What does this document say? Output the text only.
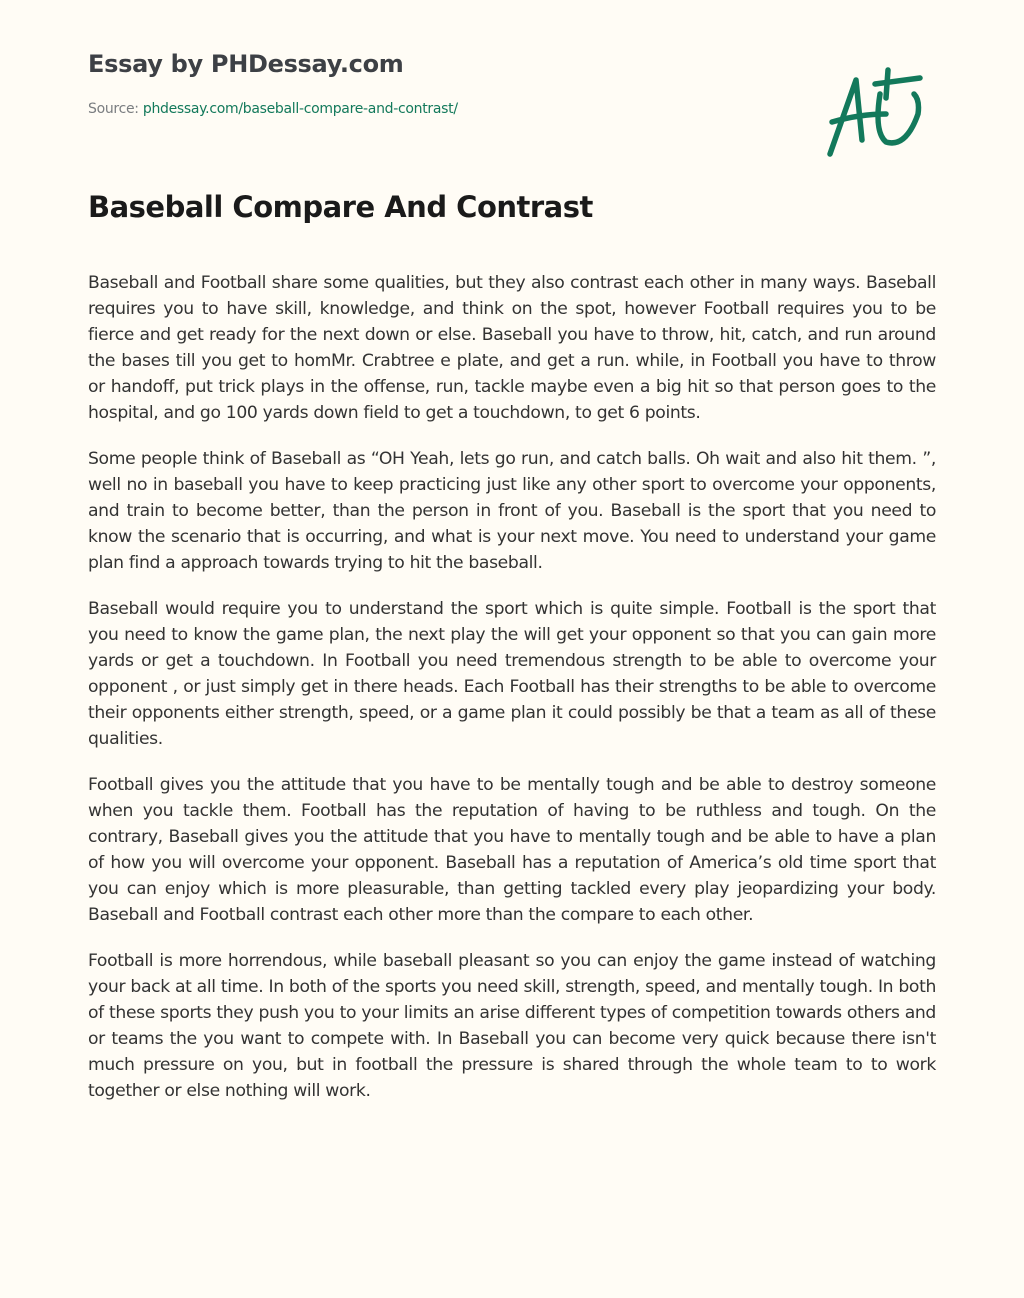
Essay by PHDessay.com
Source: phdessay.com/baseball-compare-and-contrast/
Baseball Compare And Contrast

Baseball and Football share some qualities, but they also contrast each other in many ways. Baseball requires you to have skill, knowledge, and think on the spot, however Football requires you to be fierce and get ready for the next down or else. Baseball you have to throw, hit, catch, and run around the bases till you get to homMr. Crabtree e plate, and get a run. while, in Football you have to throw or handoff, put trick plays in the offense, run, tackle maybe even a big hit so that person goes to the hospital, and go 100 yards down field to get a touchdown, to get 6 points.

Some people think of Baseball as “OH Yeah, lets go run, and catch balls. Oh wait and also hit them. ”, well no in baseball you have to keep practicing just like any other sport to overcome your opponents, and train to become better, than the person in front of you. Baseball is the sport that you need to know the scenario that is occurring, and what is your next move. You need to understand your game plan find a approach towards trying to hit the baseball.

Baseball would require you to understand the sport which is quite simple. Football is the sport that you need to know the game plan, the next play the will get your opponent so that you can gain more yards or get a touchdown. In Football you need tremendous strength to be able to overcome your opponent , or just simply get in there heads. Each Football has their strengths to be able to overcome their opponents either strength, speed, or a game plan it could possibly be that a team as all of these qualities.

Football gives you the attitude that you have to be mentally tough and be able to destroy someone when you tackle them. Football has the reputation of having to be ruthless and tough. On the contrary, Baseball gives you the attitude that you have to mentally tough and be able to have a plan of how you will overcome your opponent. Baseball has a reputation of America’s old time sport that you can enjoy which is more pleasurable, than getting tackled every play jeopardizing your body. Baseball and Football contrast each other more than the compare to each other.

Football is more horrendous, while baseball pleasant so you can enjoy the game instead of watching your back at all time. In both of the sports you need skill, strength, speed, and mentally tough. In both of these sports they push you to your limits an arise different types of competition towards others and or teams the you want to compete with. In Baseball you can become very quick because there isn't much pressure on you, but in football the pressure is shared through the whole team to to work together or else nothing will work.
